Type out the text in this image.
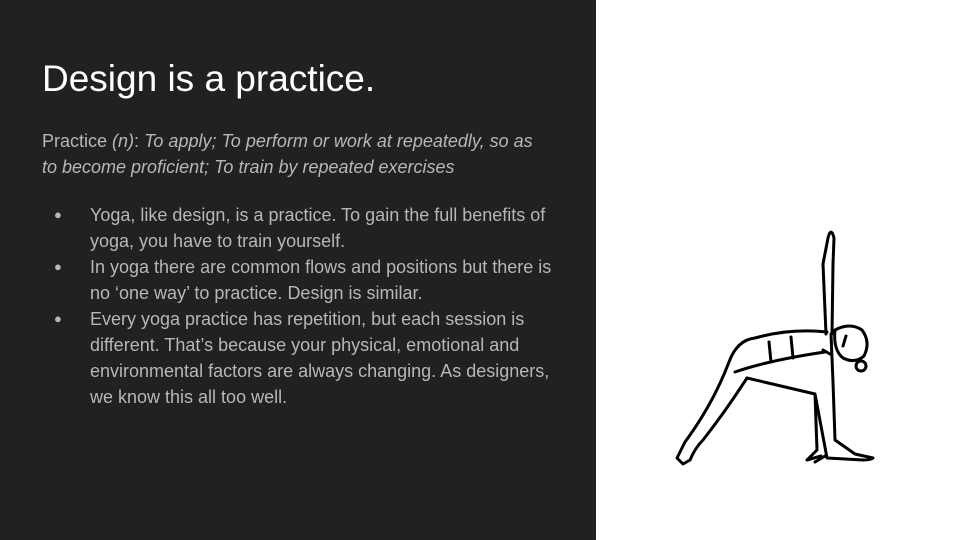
Design is a practice.

Practice (n): To apply; To perform or work at repeatedly, so as to become proficient; To train by repeated exercises

● Yoga, like design, is a practice. To gain the full benefits of yoga, you have to train yourself.
● In yoga there are common flows and positions but there is no ‘one way’ to practice. Design is similar.
● Every yoga practice has repetition, but each session is different. That’s because your physical, emotional and environmental factors are always changing. As designers, we know this all too well.
